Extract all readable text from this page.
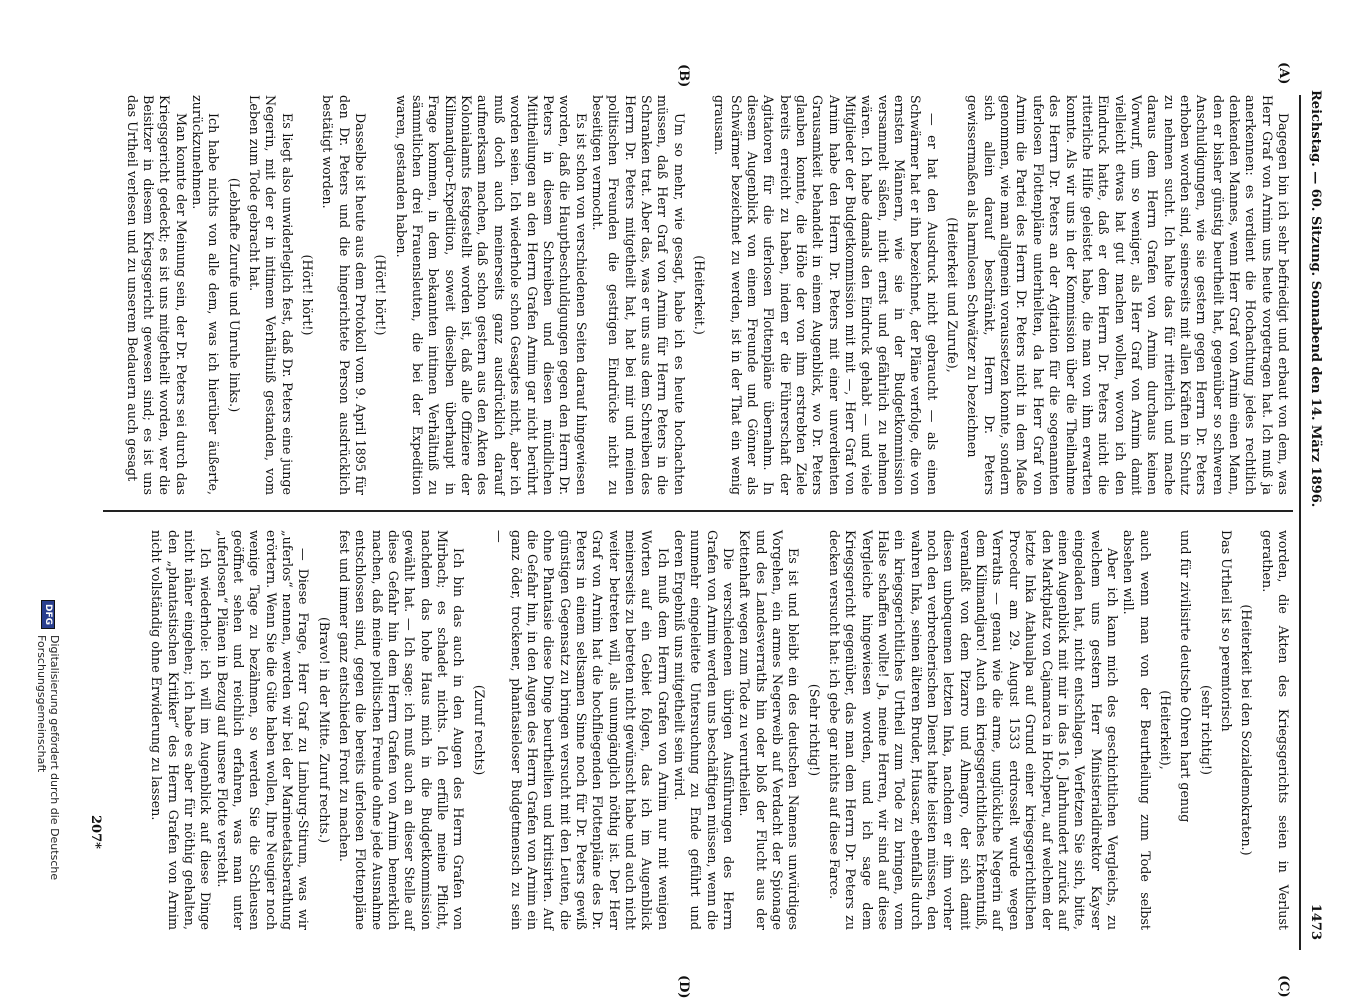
Reichstag. — 60. Sitzung. Sonnabend den 14. März 1896.
1473
(A)
(B)
(C)
(D)

Dagegen bin ich sehr befriedigt und erbaut von dem, was Herr Graf von Arnim uns heute vorgetragen hat. Ich muß ja anerkennen: es verdient die Hochachtung jedes rechtlich denkenden Mannes, wenn Herr Graf von Arnim einen Mann, den er bisher günstig beurtheilt hat, gegenüber so schweren Anschuldigungen, wie sie gestern gegen Herrn Dr. Peters erhoben worden sind, seinerseits mit allen Kräften in Schutz zu nehmen sucht. Ich halte das für ritterlich und mache daraus dem Herrn Grafen von Arnim durchaus keinen Vorwurf, um so weniger, als Herr Graf von Arnim damit vielleicht etwas hat gut machen wollen, wovon ich den Eindruck hatte, daß er dem Herrn Dr. Peters nicht die ritterliche Hilfe geleistet habe, die man von ihm erwarten konnte. Als wir uns in der Kommission über die Theilnahme des Herrn Dr. Peters an der Agitation für die sogenannten uferlosen Flottenpläne unterhielten, da hat Herr Graf von Arnim die Partei des Herrn Dr. Peters nicht in dem Maße genommen, wie man allgemein voraussetzen konnte, sondern sich allein darauf beschränkt, Herrn Dr. Peters gewissermaßen als harmlosen Schwätzer zu bezeichnen

(Heiterkeit und Zurufe),

— er hat den Ausdruck nicht gebraucht — als einen Schwärmer hat er ihn bezeichnet, der Pläne verfolge, die von ernsten Männern, wie sie in der Budgetkommission versammelt säßen, nicht ernst und gefährlich zu nehmen wären. Ich habe damals den Eindruck gehabt — und viele Mitglieder der Budgetkommission mit mit —, Herr Graf von Arnim habe den Herrn Dr. Peters mit einer unverdienten Grausamkeit behandelt in einem Augenblick, wo Dr. Peters glauben konnte, die Höhe der von ihm erstrebten Ziele bereits erreicht zu haben, indem er die Führerschaft der Agitatoren für die uferlosen Flottenpläne übernahm. In diesem Augenblick von einem Freunde und Gönner als Schwärmer bezeichnet zu werden, ist in der That ein wenig grausam.

(Heiterkeit.)

Um so mehr, wie gesagt, habe ich es heute hochachten müssen, daß Herr Graf von Arnim für Herrn Peters in die Schranken trat. Aber das, was er uns aus dem Schreiben des Herrn Dr. Peters mitgetheilt hat, hat bei mir und meinen politischen Freunden die gestrigen Eindrücke nicht zu beseitigen vermocht.

Es ist schon von verschiedenen Seiten darauf hingewiesen worden, daß die Hauptbeschuldigungen gegen den Herrn Dr. Peters in diesem Schreiben und diesen mündlichen Mittheilungen an den Herrn Grafen Arnim gar nicht berührt worden seien. Ich wiederhole schon Gesagtes nicht, aber ich muß doch auch meinerseits ganz ausdrücklich darauf aufmerksam machen, daß schon gestern aus den Akten des Kolonialamts festgestellt worden ist, daß alle Offiziere der Kilimandjaro-Expedition, soweit dieselben überhaupt in Frage kommen, in dem bekannten intimen Verhältniß zu sämmtlichen drei Frauensleuten, die bei der Expedition waren, gestanden haben.

(Hört! hört!)

Dasselbe ist heute aus dem Protokoll vom 9. April 1895 für den Dr. Peters und die hingerichtete Person ausdrücklich bestätigt worden.

(Hört! hört!)

Es liegt also unwiderleglich fest, daß Dr. Peters eine junge Negerin, mit der er in intimem Verhältniß gestanden, vom Leben zum Tode gebracht hat.

(Lebhafte Zurufe und Unruhe links.)

Ich habe nichts von alle dem, was ich hierüber äußerte, zurückzunehmen.

Man konnte der Meinung sein, der Dr. Peters sei durch das Kriegsgericht gedeckt; es ist uns mitgetheilt worden, wer die Beisitzer in diesem Kriegsgericht gewesen sind; es ist uns das Urtheil verlesen und zu unserem Bedauern auch gesagt

worden, die Akten des Kriegsgerichts seien in Verlust gerathen.

(Heiterkeit bei den Sozialdemokraten.)

Das Urtheil ist so peremtorisch

(sehr richtig!)

und für zivilisirte deutsche Ohren hart genug

(Heiterkeit),

auch wenn man von der Beurtheilung zum Tode selbst absehen will.

Aber ich kann mich des geschichtlichen Vergleichs, zu welchem uns gestern Herr Ministerialdirektor Kayser eingeladen hat, nicht entschlagen. Verfetzen Sie sich, bitte, einen Augenblick mit mir in das 16. Jahrhundert zurück auf den Marktplatz von Cajamarca in Hochperu, auf welchem der letzte Inka Atahualpa auf Grund einer kriegsgerichtlichen Procedur am 29. August 1533 erdrosselt wurde wegen Verraths — genau wie die arme, unglückliche Negerin auf dem Kilimandjaro! Auch ein kriegsgerichtliches Erkenntniß, veranlaßt von dem Pizarro und Almagro, der sich damit diesen unbequemen letzten Inka, nachdem er ihm vorher noch den verbrecherischen Dienst hatte leisten müssen, den wahren Inka, seinen älteren Bruder, Huascar, ebenfalls durch ein kriegsgerichtliches Urtheil zum Tode zu bringen, vom Halse schaffen wollte! Ja, meine Herren, wir sind auf diese Vergleiche hingewiesen worden, und ich sage dem Kriegsgericht gegenüber, das man dem Herrn Dr. Peters zu decken versucht hat: ich gebe gar nichts auf diese Farce.

(Sehr richtig!)

Es ist und bleibt ein des deutschen Namens unwürdiges Vorgehen, ein armes Negerweib auf Verdacht der Spionage und des Landesverraths hin oder bloß der Flucht aus der Kettenhaft wegen zum Tode zu verurtheilen.

Die verschiedenen übrigen Ausführungen des Herrn Grafen von Arnim werden uns beschäftigen müssen, wenn die nunmehr eingeleitete Untersuchung zu Ende geführt und deren Ergebniß uns mitgetheilt sein wird.

Ich muß dem Herrn Grafen von Arnim nur mit wenigen Worten auf ein Gebiet folgen, das ich im Augenblick meinerseits zu betreten nicht gewünscht habe und auch nicht weiter betreten will, als unumgänglich nöthig ist. Der Herr Graf von Arnim hat die hochfliegenden Flottenpläne des Dr. Peters in einem seltsamen Sinne noch für Dr. Peters gewiß günstigen Gegensatz zu bringen versucht mit den Leuten, die ohne Phantasie diese Dinge beurtheilten und kritisirten. Auf die Gefahr hin, in den Augen des Herrn Grafen von Arnim ein ganz öder, trockener, phantasieloser Budgetmensch zu sein —

(Zuruf rechts)

Ich bin das auch in den Augen des Herrn Grafen von Mirbach; es schadet nichts. Ich erfülle meine Pflicht, nachdem das hohe Haus mich in die Budgetkommission gewählt hat. — Ich sage: ich muß auch an dieser Stelle auf diese Gefahr hin dem Herrn Grafen von Arnim bemerklich machen, daß meine politischen Freunde ohne jede Ausnahme entschlossen sind, gegen die bereits uferlosen Flottenpläne fest und immer ganz entschieden Front zu machen.

(Bravo! in der Mitte. Zuruf rechts.)

— Diese Frage, Herr Graf zu Limburg-Stirum, was wir „uferlos“ nennen, werden wir bei der Marineetatsberathung erörtern. Wenn Sie die Güte haben wollen, Ihre Neugier noch wenige Tage zu bezähmen, so werden Sie die Schleusen geöffnet sehen und reichlich erfahren, was man unter „uferlosen“ Plänen in Bezug auf unsere Flotte versteht.

Ich wiederhole: ich will im Augenblick auf diese Dinge nicht näher eingehen; ich habe es aber für nöthig gehalten, den „phantastischen Kritiker“ des Herrn Grafen von Arnim nicht vollständig ohne Erwiderung zu lassen.

207*
DFG
Digitalisierung gefördert durch die Deutsche Forschungsgemeinschaft
